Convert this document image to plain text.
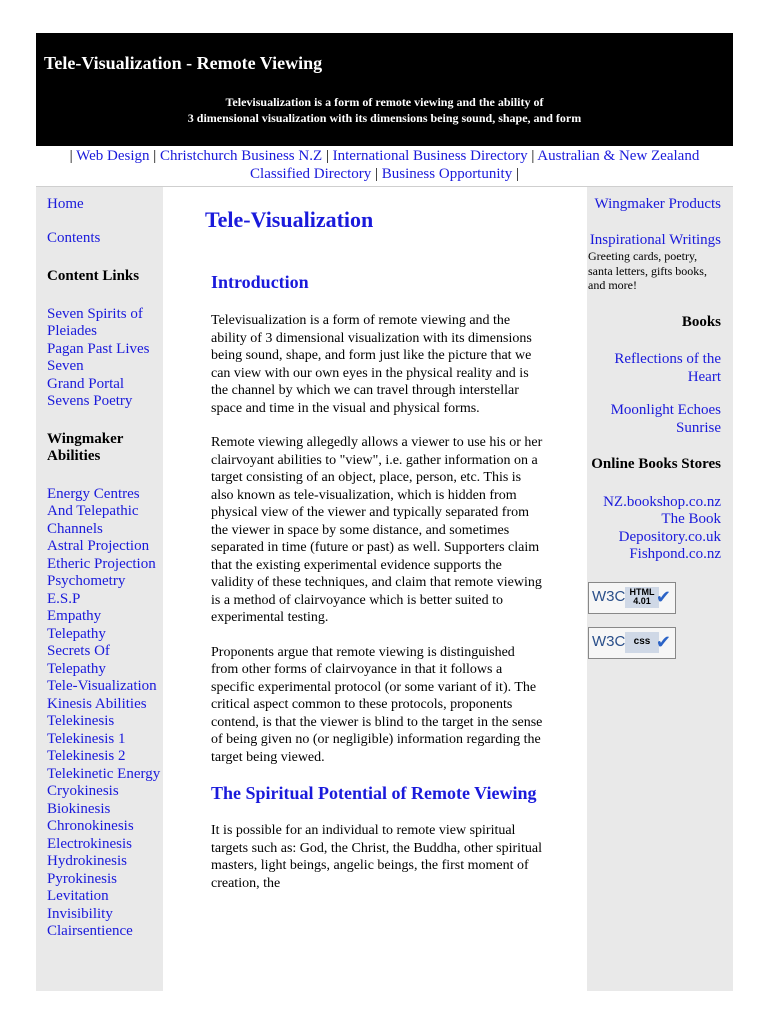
Tele-Visualization - Remote Viewing
Televisualization is a form of remote viewing and the ability of
3 dimensional visualization with its dimensions being sound, shape, and form
| Web Design | Christchurch Business N.Z | International Business Directory | Australian & New Zealand Classified Directory | Business Opportunity |
Home
Contents
Content Links
Seven Spirits of Pleiades
Pagan Past Lives
Seven
Grand Portal
Sevens Poetry
Wingmaker Abilities
Energy Centres
And Telepathic Channels
Astral Projection
Etheric Projection
Psychometry
E.S.P
Empathy
Telepathy
Secrets Of Telepathy
Tele-Visualization
Kinesis Abilities
Telekinesis
Telekinesis 1
Telekinesis 2
Telekinetic Energy
Cryokinesis
Biokinesis
Chronokinesis
Electrokinesis
Hydrokinesis
Pyrokinesis
Levitation
Invisibility
Clairsentience
Tele-Visualization
Introduction

Televisualization is a form of remote viewing and the ability of 3 dimensional visualization with its dimensions being sound, shape, and form just like the picture that we can view with our own eyes in the physical reality and is the channel by which we can travel through interstellar space and time in the visual and physical forms.

Remote viewing allegedly allows a viewer to use his or her clairvoyant abilities to "view", i.e. gather information on a target consisting of an object, place, person, etc. This is also known as tele-visualization, which is hidden from physical view of the viewer and typically separated from the viewer in space by some distance, and sometimes separated in time (future or past) as well. Supporters claim that the existing experimental evidence supports the validity of these techniques, and claim that remote viewing is a method of clairvoyance which is better suited to experimental testing.

Proponents argue that remote viewing is distinguished from other forms of clairvoyance in that it follows a specific experimental protocol (or some variant of it). The critical aspect common to these protocols, proponents contend, is that the viewer is blind to the target in the sense of being given no (or negligible) information regarding the target being viewed.

The Spiritual Potential of Remote Viewing

It is possible for an individual to remote view spiritual targets such as: God, the Christ, the Buddha, other spiritual masters, light beings, angelic beings, the first moment of creation, the

Wingmaker Products
Inspirational Writings
Greeting cards, poetry, santa letters, gifts books, and more!
Books
Reflections of the Heart
Moonlight Echoes Sunrise
Online Books Stores
NZ.bookshop.co.nz
The Book Depository.co.uk
Fishpond.co.nz
W3C HTML
4.01 ✔
W3C css ✔
